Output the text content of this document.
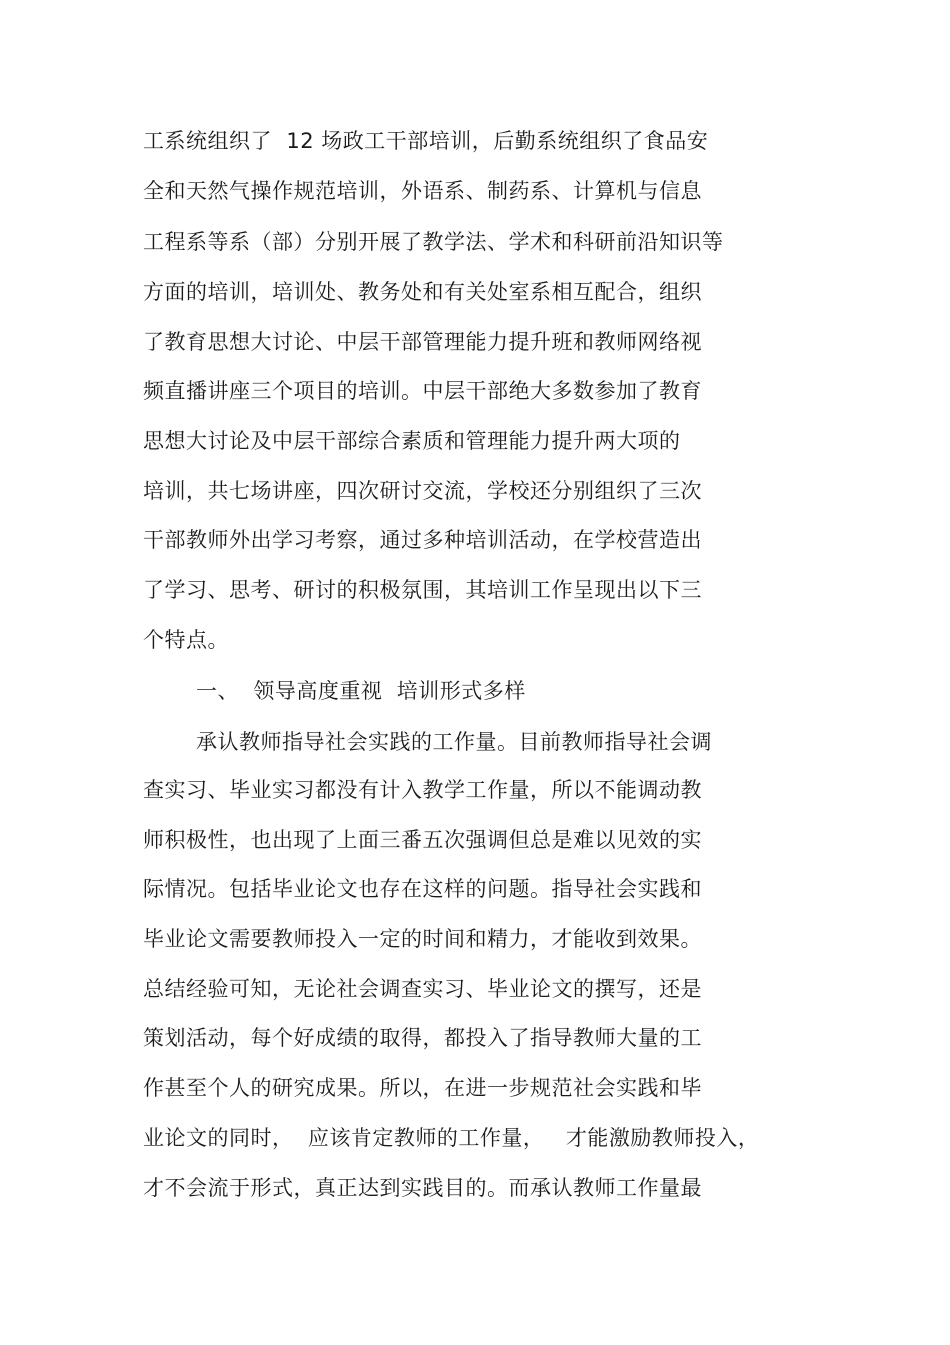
工系统组织了  12 场政工干部培训，后勤系统组织了食品安
全和天然气操作规范培训，外语系、制药系、计算机与信息
工程系等系（部）分别开展了教学法、学术和科研前沿知识等
方面的培训，培训处、教务处和有关处室系相互配合，组织
了教育思想大讨论、中层干部管理能力提升班和教师网络视
频直播讲座三个项目的培训。中层干部绝大多数参加了教育
思想大讨论及中层干部综合素质和管理能力提升两大项的
培训，共七场讲座，四次研讨交流，学校还分别组织了三次
干部教师外出学习考察，通过多种培训活动，在学校营造出
了学习、思考、研讨的积极氛围，其培训工作呈现出以下三
个特点。
一、  领导高度重视  培训形式多样
承认教师指导社会实践的工作量。目前教师指导社会调
查实习、毕业实习都没有计入教学工作量，所以不能调动教
师积极性，也出现了上面三番五次强调但总是难以见效的实
际情况。包括毕业论文也存在这样的问题。指导社会实践和
毕业论文需要教师投入一定的时间和精力，才能收到效果。
总结经验可知，无论社会调查实习、毕业论文的撰写，还是
策划活动，每个好成绩的取得，都投入了指导教师大量的工
作甚至个人的研究成果。所以，在进一步规范社会实践和毕
业论文的同时，  应该肯定教师的工作量，   才能激励教师投入，
才不会流于形式，真正达到实践目的。而承认教师工作量最
